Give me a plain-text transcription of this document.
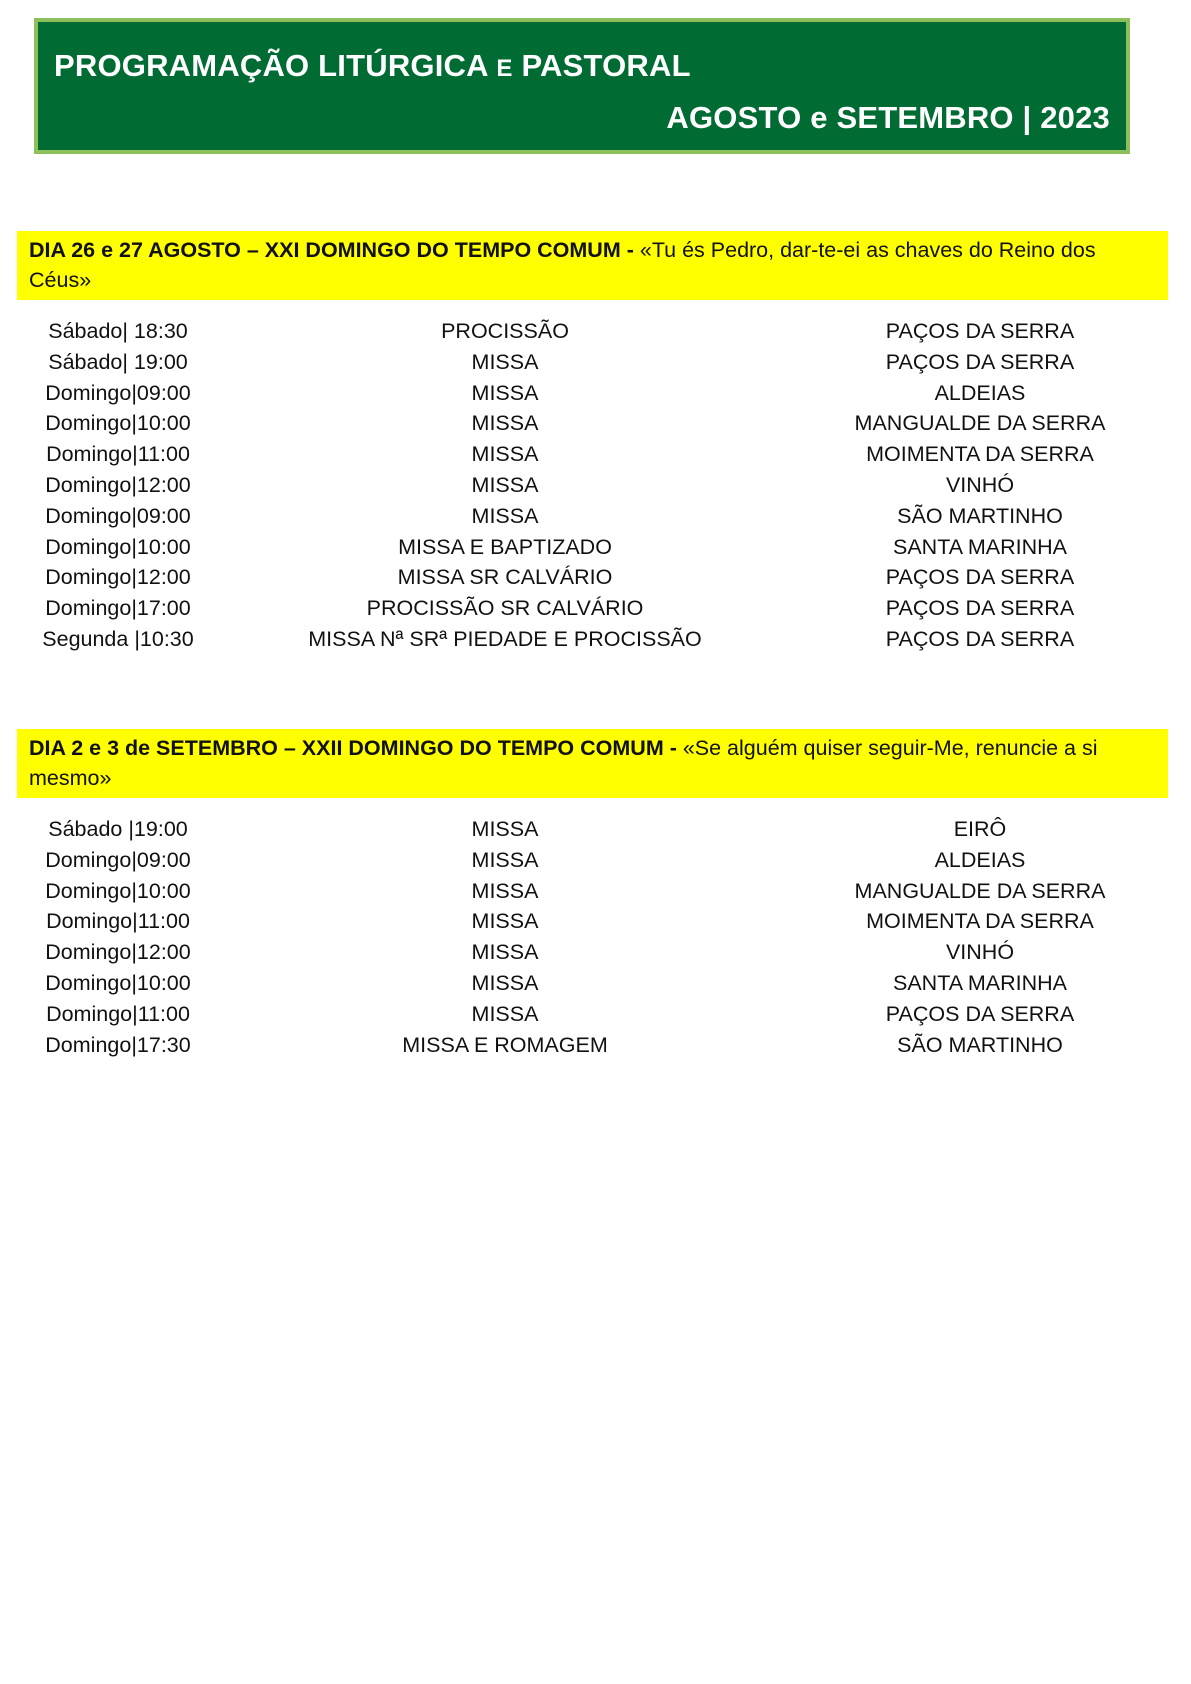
PROGRAMAÇÃO LITÚRGICA E PASTORAL
AGOSTO e SETEMBRO | 2023
DIA 26 e 27 AGOSTO – XXI DOMINGO DO TEMPO COMUM - «Tu és Pedro, dar-te-ei as chaves do Reino dos Céus»
Sábado| 18:30	PROCISSÃO	PAÇOS DA SERRA
Sábado| 19:00	MISSA	PAÇOS DA SERRA
Domingo|09:00	MISSA	ALDEIAS
Domingo|10:00	MISSA	MANGUALDE DA SERRA
Domingo|11:00	MISSA	MOIMENTA DA SERRA
Domingo|12:00	MISSA	VINHÓ
Domingo|09:00	MISSA	SÃO MARTINHO
Domingo|10:00	MISSA E BAPTIZADO	SANTA MARINHA
Domingo|12:00	MISSA SR CALVÁRIO	PAÇOS DA SERRA
Domingo|17:00	PROCISSÃO SR CALVÁRIO	PAÇOS DA SERRA
Segunda |10:30	MISSA Nª SRª PIEDADE E PROCISSÃO	PAÇOS DA SERRA
DIA 2 e 3 de SETEMBRO – XXII DOMINGO DO TEMPO COMUM - «Se alguém quiser seguir-Me, renuncie a si mesmo»
Sábado |19:00	MISSA	EIRÔ
Domingo|09:00	MISSA	ALDEIAS
Domingo|10:00	MISSA	MANGUALDE DA SERRA
Domingo|11:00	MISSA	MOIMENTA DA SERRA
Domingo|12:00	MISSA	VINHÓ
Domingo|10:00	MISSA	SANTA MARINHA
Domingo|11:00	MISSA	PAÇOS DA SERRA
Domingo|17:30	MISSA E ROMAGEM	SÃO MARTINHO
